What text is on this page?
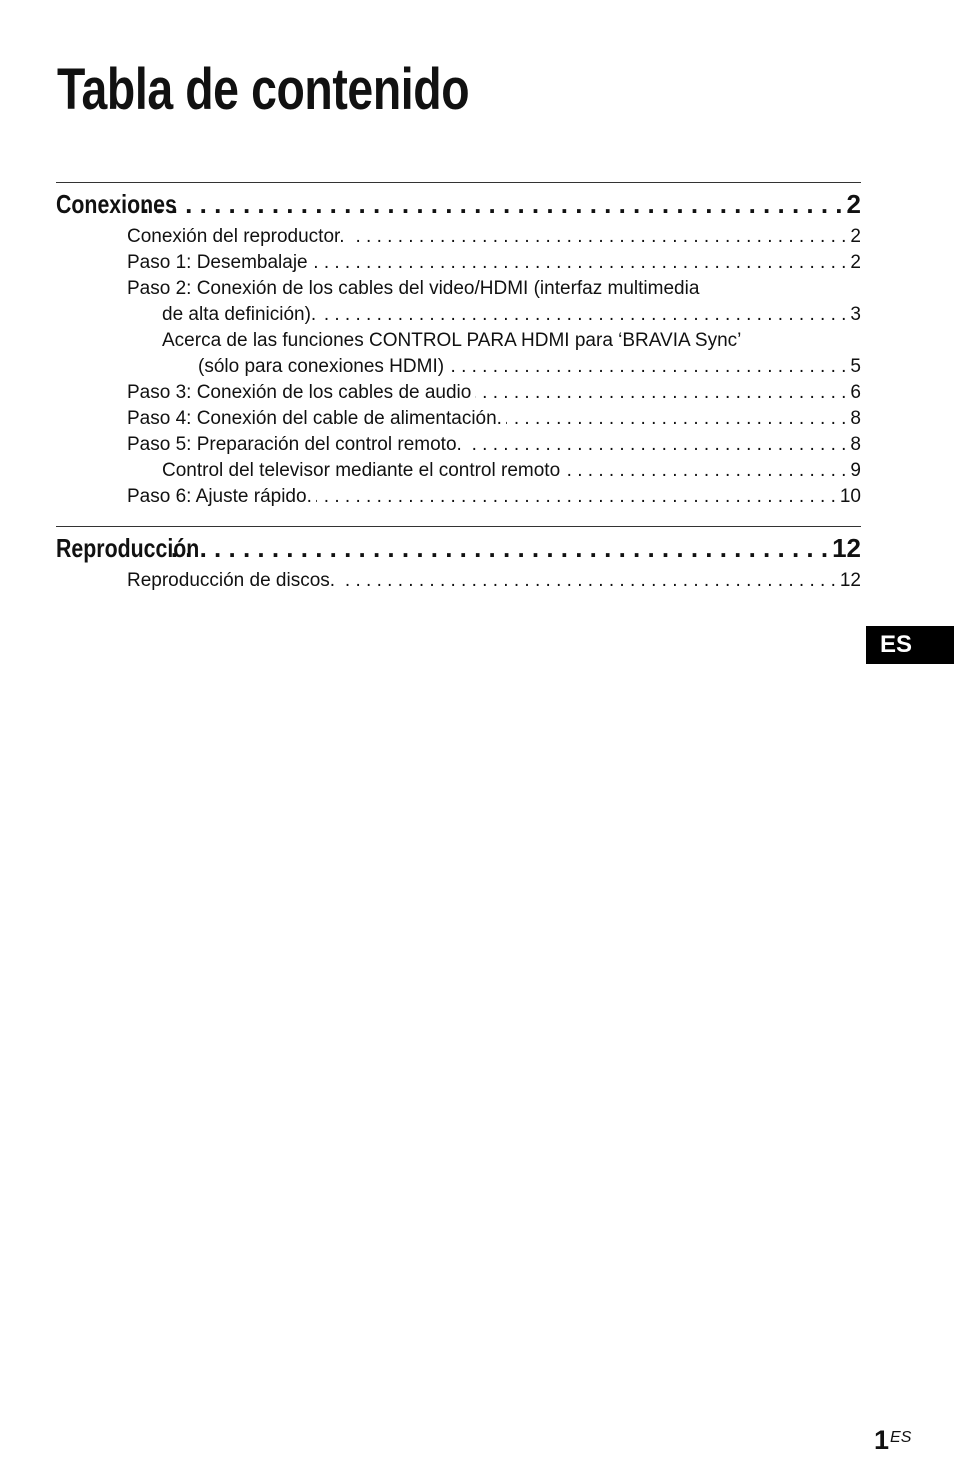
Tabla de contenido
Conexiones . . .	2
Conexión del reproductor. . . .	2
Paso 1: Desembalaje . . .	2
Paso 2: Conexión de los cables del video/HDMI (interfaz multimedia
de alta definición). . . .	3
Acerca de las funciones CONTROL PARA HDMI para ‘BRAVIA Sync’
(sólo para conexiones HDMI) . . .	5
Paso 3: Conexión de los cables de audio . . .	6
Paso 4: Conexión del cable de alimentación. . . .	8
Paso 5: Preparación del control remoto. . . .	8
Control del televisor mediante el control remoto . . .	9
Paso 6: Ajuste rápido. . . .	10
Reproducción . . .	12
Reproducción de discos. . . .	12
ES
$1^{ES}$
